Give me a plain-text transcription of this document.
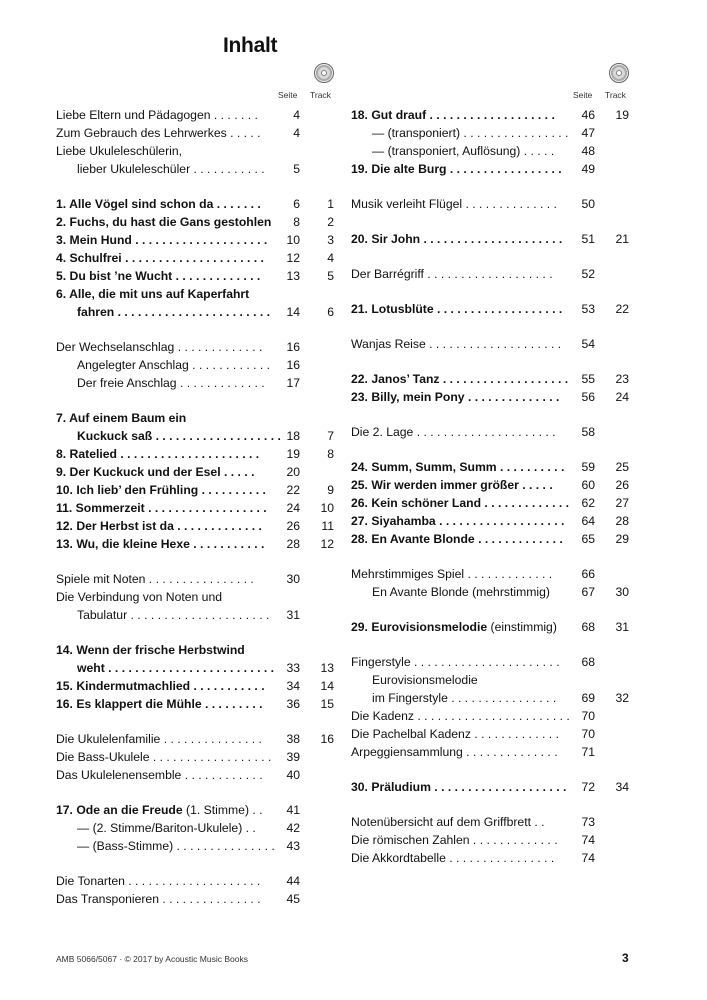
Inhalt
Seite Track
Liebe Eltern und Pädagogen . . . . . . .	4
Zum Gebrauch des Lehrwerkes . . . . .	4
Liebe Ukuleleschülerin,
lieber Ukuleleschüler . . . . . . . . . . .	5
1. Alle Vögel sind schon da . . . . . . .	6	1
2. Fuchs, du hast die Gans gestohlen	8	2
3. Mein Hund . . . . . . . . . . . . . . . . . . . .	10	3
4. Schulfrei . . . . . . . . . . . . . . . . . . . . .	12	4
5. Du bist ’ne Wucht . . . . . . . . . . . . .	13	5
6. Alle, die mit uns auf Kaperfahrt
fahren . . . . . . . . . . . . . . . . . . . . . . .	14	6
Der Wechselanschlag . . . . . . . . . . . . .	16
Angelegter Anschlag . . . . . . . . . . . .	16
Der freie Anschlag . . . . . . . . . . . . .	17
7. Auf einem Baum ein
Kuckuck saß . . . . . . . . . . . . . . . . . . . 18	7
8. Ratelied . . . . . . . . . . . . . . . . . . . . .	19	8
9. Der Kuckuck und der Esel . . . . .	20
10. Ich lieb’ den Frühling . . . . . . . . . .	22	9
11. Sommerzeit . . . . . . . . . . . . . . . . . .	24	10
12. Der Herbst ist da . . . . . . . . . . . . .	26	11
13. Wu, die kleine Hexe . . . . . . . . . . .	28	12
Spiele mit Noten . . . . . . . . . . . . . . . .	30
Die Verbindung von Noten und
Tabulatur . . . . . . . . . . . . . . . . . . . . .	31
14. Wenn der frische Herbstwind
weht . . . . . . . . . . . . . . . . . . . . . . . . .	33	13
15. Kindermutmachlied . . . . . . . . . . .	34	14
16. Es klappert die Mühle . . . . . . . . .	36	15
Die Ukulelenfamilie . . . . . . . . . . . . . . .	38	16
Die Bass-Ukulele . . . . . . . . . . . . . . . . . .	39
Das Ukulelenensemble . . . . . . . . . . . .	40
17. Ode an die Freude (1. Stimme) . .	41
— (2. Stimme/Bariton-Ukulele) . .	42
— (Bass-Stimme) . . . . . . . . . . . . . . . 43
Die Tonarten . . . . . . . . . . . . . . . . . . . .	44
Das Transponieren . . . . . . . . . . . . . . .	45
Seite Track
18. Gut drauf . . . . . . . . . . . . . . . . . . .	46	19
— (transponiert) . . . . . . . . . . . . . . . .	47
— (transponiert, Auflösung) . . . . .	48
19. Die alte Burg . . . . . . . . . . . . . . . . .	49
Musik verleiht Flügel . . . . . . . . . . . . . .	50
20. Sir John . . . . . . . . . . . . . . . . . . . . .	51	21
Der Barrégriff . . . . . . . . . . . . . . . . . . .	52
21. Lotusblüte . . . . . . . . . . . . . . . . . . .	53	22
Wanjas Reise . . . . . . . . . . . . . . . . . . . .	54
22. Janos’ Tanz . . . . . . . . . . . . . . . . . . .	55	23
23. Billy, mein Pony . . . . . . . . . . . . . .	56	24
Die 2. Lage . . . . . . . . . . . . . . . . . . . . .	58
24. Summ, Summ, Summ . . . . . . . . . .	59	25
25. Wir werden immer größer . . . . .	60	26
26. Kein schöner Land . . . . . . . . . . . . .	62	27
27. Siyahamba . . . . . . . . . . . . . . . . . . .	64	28
28. En Avante Blonde . . . . . . . . . . . . .	65	29
Mehrstimmiges Spiel . . . . . . . . . . . . .	66
En Avante Blonde (mehrstimmig)	67	30
29. Eurovisionsmelodie (einstimmig)	68	31
Fingerstyle . . . . . . . . . . . . . . . . . . . . . .	68
Eurovisionsmelodie
im Fingerstyle . . . . . . . . . . . . . . . .	69	32
Die Kadenz . . . . . . . . . . . . . . . . . . . . . . . 70
Die Pachelbal Kadenz . . . . . . . . . . . . .	70
Arpeggiensammlung . . . . . . . . . . . . . .	71
30. Präludium . . . . . . . . . . . . . . . . . . . .	72	34
Notenübersicht auf dem Griffbrett . .	73
Die römischen Zahlen . . . . . . . . . . . . .	74
Die Akkordtabelle . . . . . . . . . . . . . . . .	74
AMB 5066/5067 · © 2017 by Acoustic Music Books	3
